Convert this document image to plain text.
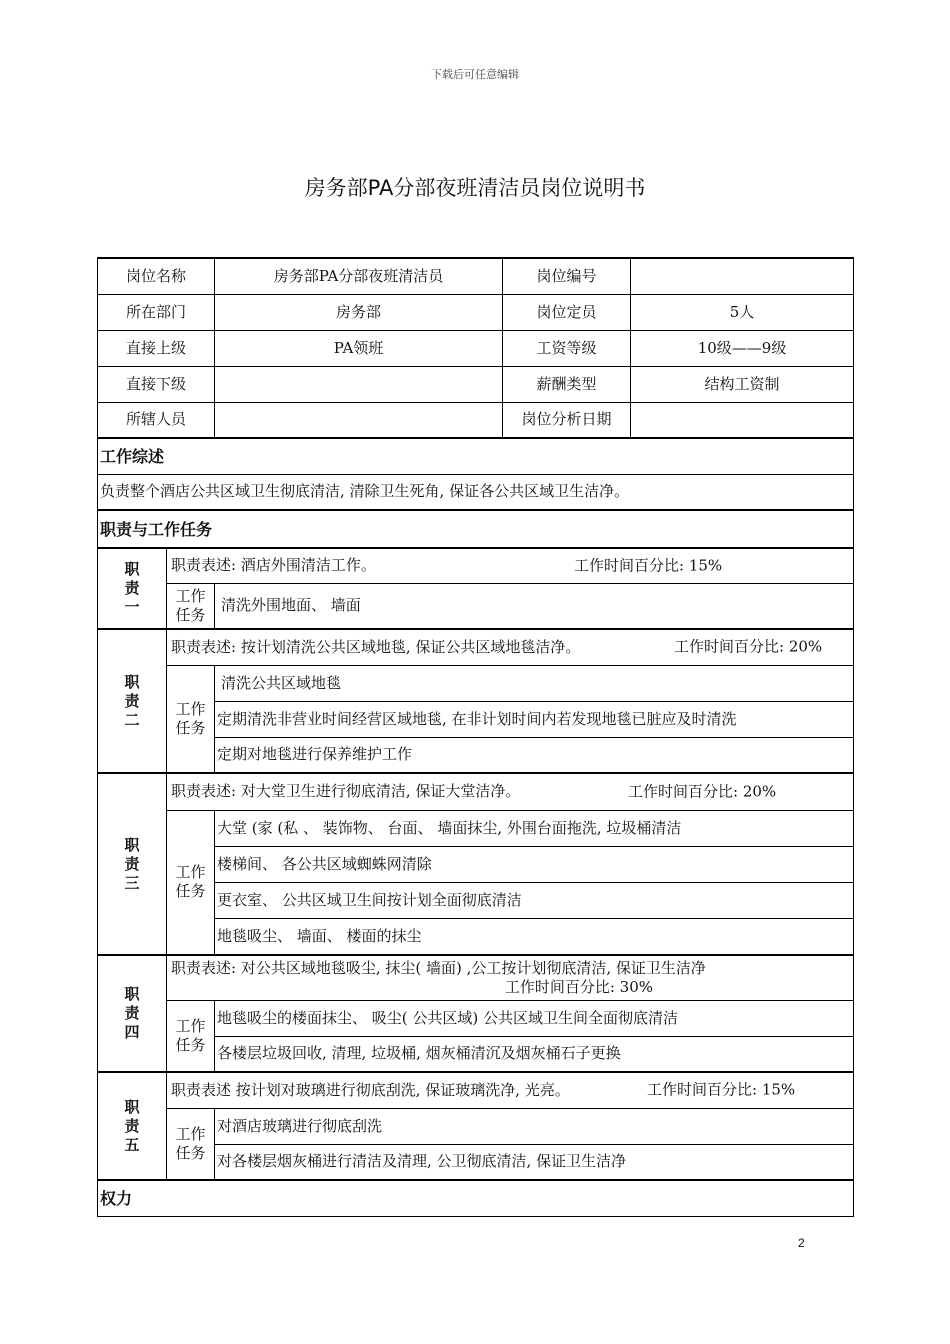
下载后可任意编辑
房务部PA分部夜班清洁员岗位说明书
岗位名称		房务部PA分部夜班清洁员	岗位编号	
所在部门		房务部	岗位定员	5人
直接上级		PA领班	工资等级	10级——9级
直接下级			薪酬类型	结构工资制
所辖人员			岗位分析日期	
工作综述				
负责整个酒店公共区域卫生彻底清洁, 清除卫生死角, 保证各公共区域卫生洁净。				
职责与工作任务				
职责一	职责表述: 酒店外围清洁工作。 工作时间百分比: 15%			

	工作任务	清洗外围地面、 墙面		
职责二	职责表述: 按计划清洗公共区域地毯, 保证公共区域地毯洁净。 工作时间百分比: 20%			

	工作任务	清洗公共区域地毯		
		定期清洗非营业时间经营区域地毯, 在非计划时间内若发现地毯已脏应及时清洗		
		定期对地毯进行保养维护工作		
职责三	职责表述: 对大堂卫生进行彻底清洁, 保证大堂洁净。 工作时间百分比: 20%			

	工作任务	大堂 (家 (私 、 装饰物、 台面、 墙面抹尘, 外围台面拖洗, 垃圾桶清洁		
		楼梯间、 各公共区域蜘蛛网清除		
		更衣室、 公共区域卫生间按计划全面彻底清洁		
		地毯吸尘、 墙面、 楼面的抹尘		
职责四	职责表述: 对公共区域地毯吸尘, 抹尘( 墙面) ,公工按计划彻底清洁, 保证卫生洁净
工作时间百分比: 30%			

	工作任务	地毯吸尘的楼面抹尘、 吸尘( 公共区域) 公共区域卫生间全面彻底清洁		
		各楼层垃圾回收, 清理, 垃圾桶, 烟灰桶清沉及烟灰桶石子更换		
职责五	职责表述 按计划对玻璃进行彻底刮洗, 保证玻璃洗净, 光亮。 工作时间百分比: 15%			

	工作任务	对酒店玻璃进行彻底刮洗		
		对各楼层烟灰桶进行清洁及清理, 公卫彻底清洁, 保证卫生洁净		
权力				
2
